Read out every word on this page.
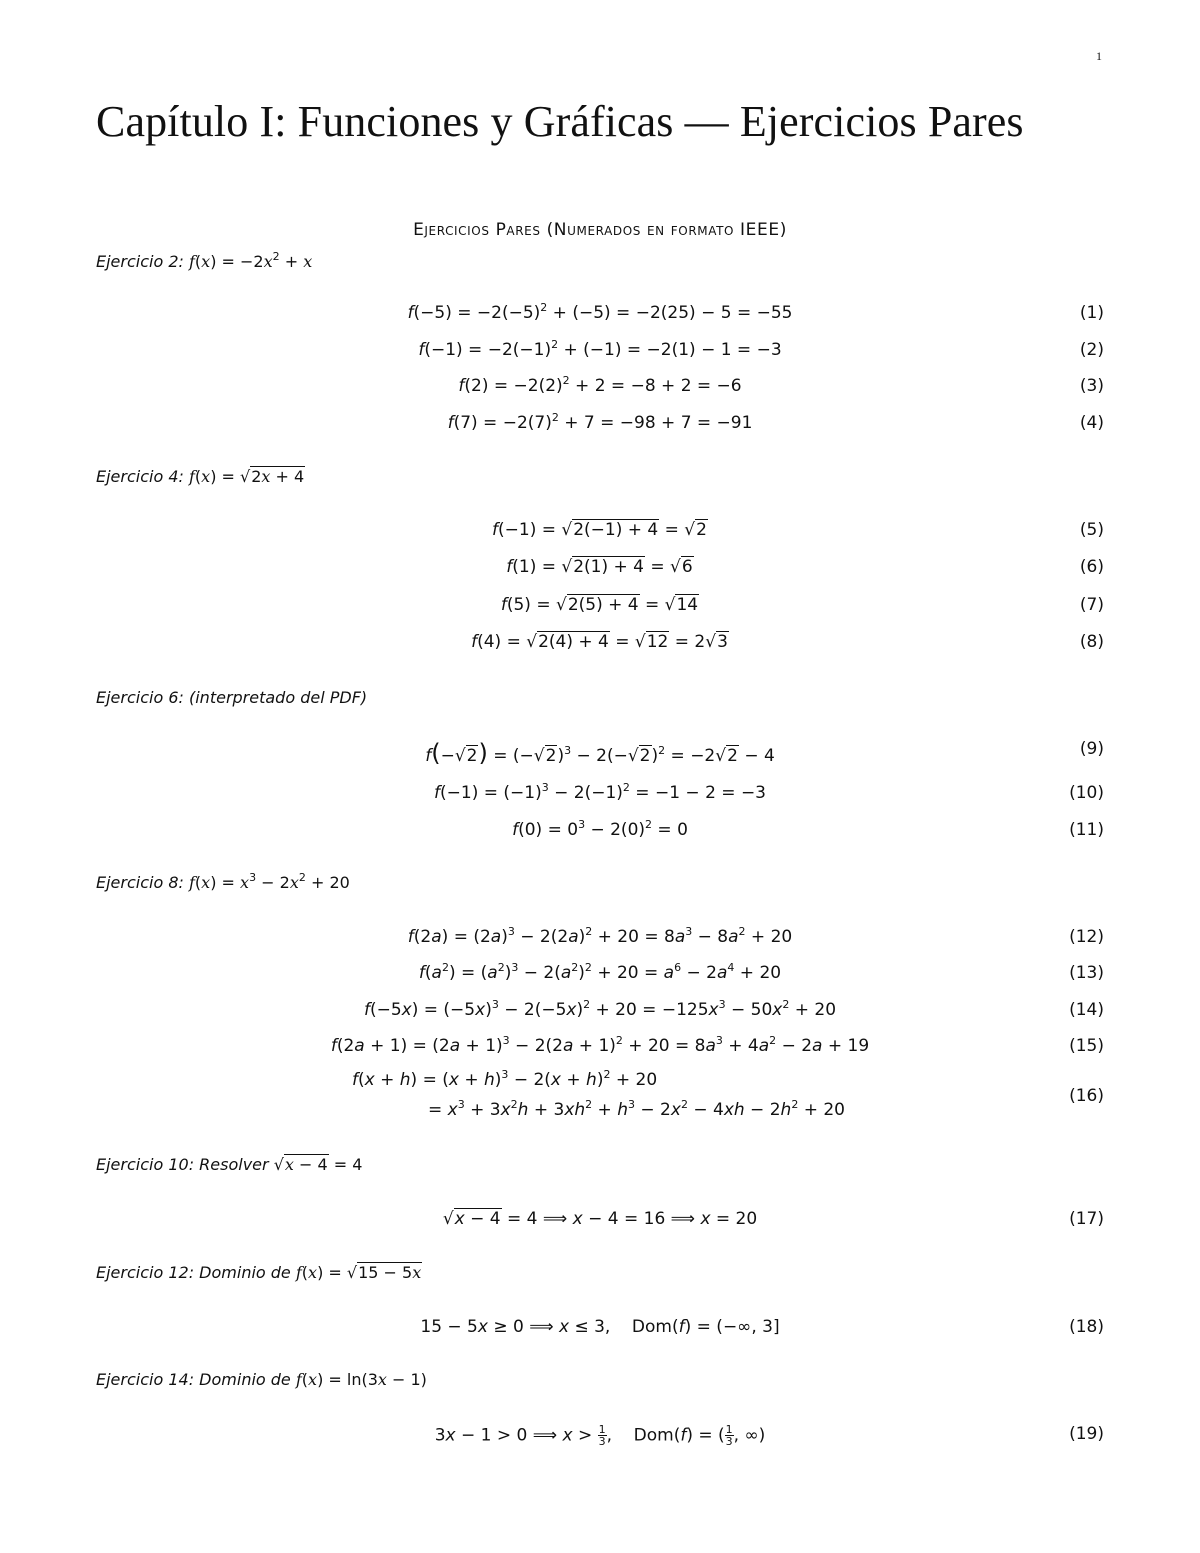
1
Capítulo I: Funciones y Gráficas — Ejercicios Pares
Ejercicios Pares (Numerados en formato IEEE)
Ejercicio 2: $f(x) = -2x^2 + x$
$f(-5) = -2(-5)^2 + (-5) = -2(25) - 5 = -55$	(1)
$f(-1) = -2(-1)^2 + (-1) = -2(1) - 1 = -3$	(2)
$f(2) = -2(2)^2 + 2 = -8 + 2 = -6$	(3)
$f(7) = -2(7)^2 + 7 = -98 + 7 = -91$	(4)
Ejercicio 4: f(x) = √2x + 4
f(−1) = √2(−1) + 4 = √2	(5)
f(1) = √2(1) + 4 = √6	(6)
f(5) = √2(5) + 4 = √14	(7)
f(4) = √2(4) + 4 = √12 = 2√3	(8)
Ejercicio 6: (interpretado del PDF)
$f(-√2) = (-√2)^3 - 2(-√2)^2 = -2√2 - 4$	(9)
$f(-1) = (-1)^3 - 2(-1)^2 = -1 - 2 = -3$	(10)
$f(0) = 0^3 - 2(0)^2 = 0$	(11)
Ejercicio 8: $f(x) = x^3 - 2x^2 + 20$
$f(2a) = (2a)^3 - 2(2a)^2 + 20 = 8a^3 - 8a^2 + 20$	(12)
$f(a^2) = (a^2)^3 - 2(a^2)^2 + 20 = a^6 - 2a^4 + 20$	(13)
$f(-5x) = (-5x)^3 - 2(-5x)^2 + 20 = -125x^3 - 50x^2 + 20$	(14)
$f(2a + 1) = (2a + 1)^3 - 2(2a + 1)^2 + 20 = 8a^3 + 4a^2 - 2a + 19$	(15)
$f(x + h) = (x + h)^3 - 2(x + h)^2 + 20$
= $x^3 + 3x^2h + 3xh^2 + h^3 - 2x^2 - 4xh - 2h^2 + 20$
(16)
Ejercicio 10: Resolver √x − 4 = 4
√x − 4 = 4 ⟹ x − 4 = 16 ⟹ x = 20	(17)
Ejercicio 12: Dominio de f(x) = √15 − 5x
15 − 5x ≥ 0 ⟹ x ≤ 3,    Dom(f) = (−∞, 3]	(18)
Ejercicio 14: Dominio de f(x) = ln(3x − 1)
3x − 1 > 0 ⟹ $x > \frac{1}{3}$ ,    Dom(f) = ( $\frac{1}{3}$ , ∞)	(19)
